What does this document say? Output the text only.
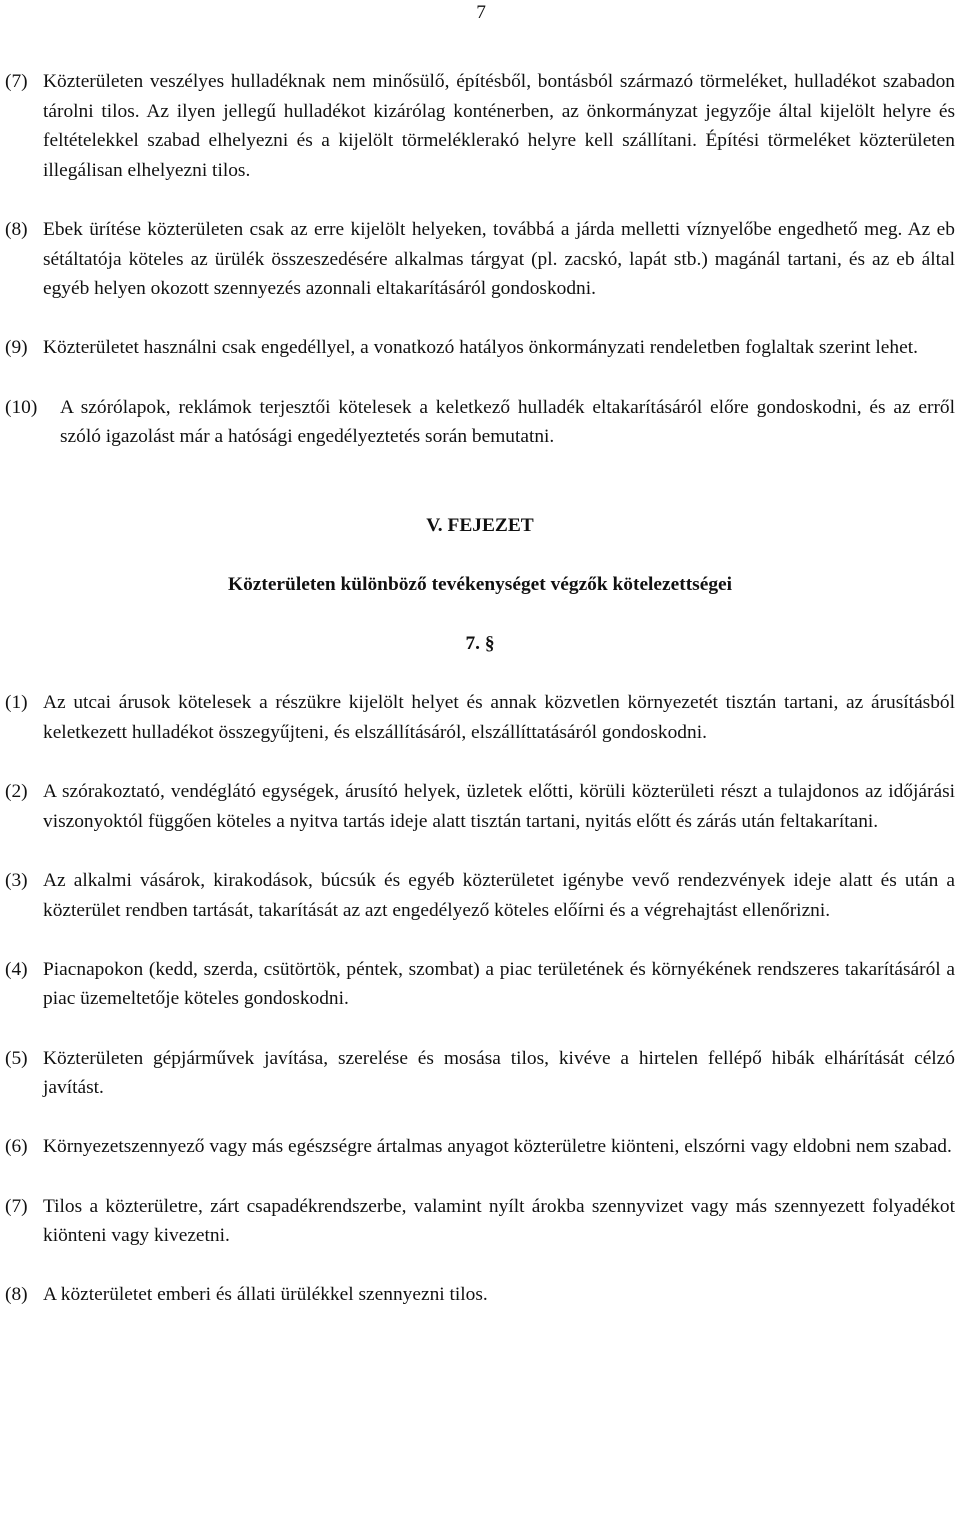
7
(7) Közterületen veszélyes hulladéknak nem minősülő, építésből, bontásból származó törmeléket, hulladékot szabadon tárolni tilos. Az ilyen jellegű hulladékot kizárólag konténerben, az önkormányzat jegyzője által kijelölt helyre és feltételekkel szabad elhelyezni és a kijelölt törmeléklerakó helyre kell szállítani. Építési törmeléket közterületen illegálisan elhelyezni tilos.
(8) Ebek ürítése közterületen csak az erre kijelölt helyeken, továbbá a járda melletti víznyelőbe engedhető meg. Az eb sétáltatója köteles az ürülék összeszedésére alkalmas tárgyat (pl. zacskó, lapát stb.) magánál tartani, és az eb által egyéb helyen okozott szennyezés azonnali eltakarításáról gondoskodni.
(9) Közterületet használni csak engedéllyel, a vonatkozó hatályos önkormányzati rendeletben foglaltak szerint lehet.
(10)	A szórólapok, reklámok terjesztői kötelesek a keletkező hulladék eltakarításáról előre gondoskodni, és az erről szóló igazolást már a hatósági engedélyeztetés során bemutatni.
V. FEJEZET
Közterületen különböző tevékenységet végzők kötelezettségei
7. §
(1) Az utcai árusok kötelesek a részükre kijelölt helyet és annak közvetlen környezetét tisztán tartani, az árusításból keletkezett hulladékot összegyűjteni, és elszállításáról, elszállíttatásáról gondoskodni.
(2) A szórakoztató, vendéglátó egységek, árusító helyek, üzletek előtti, körüli közterületi részt a tulajdonos az időjárási viszonyoktól függően köteles a nyitva tartás ideje alatt tisztán tartani, nyitás előtt és zárás után feltakarítani.
(3) Az alkalmi vásárok, kirakodások, búcsúk és egyéb közterületet igénybe vevő rendezvények ideje alatt és után a közterület rendben tartását, takarítását az azt engedélyező köteles előírni és a végrehajtást ellenőrizni.
(4) Piacnapokon (kedd, szerda, csütörtök, péntek, szombat) a piac területének és környékének rendszeres takarításáról a piac üzemeltetője köteles gondoskodni.
(5) Közterületen gépjárművek javítása, szerelése és mosása tilos, kivéve a hirtelen fellépő hibák elhárítását célzó javítást.
(6) Környezetszennyező vagy más egészségre ártalmas anyagot közterületre kiönteni, elszórni vagy eldobni nem szabad.
(7) Tilos a közterületre, zárt csapadékrendszerbe, valamint nyílt árokba szennyvizet vagy más szennyezett folyadékot kiönteni vagy kivezetni.
(8) A közterületet emberi és állati ürülékkel szennyezni tilos.
